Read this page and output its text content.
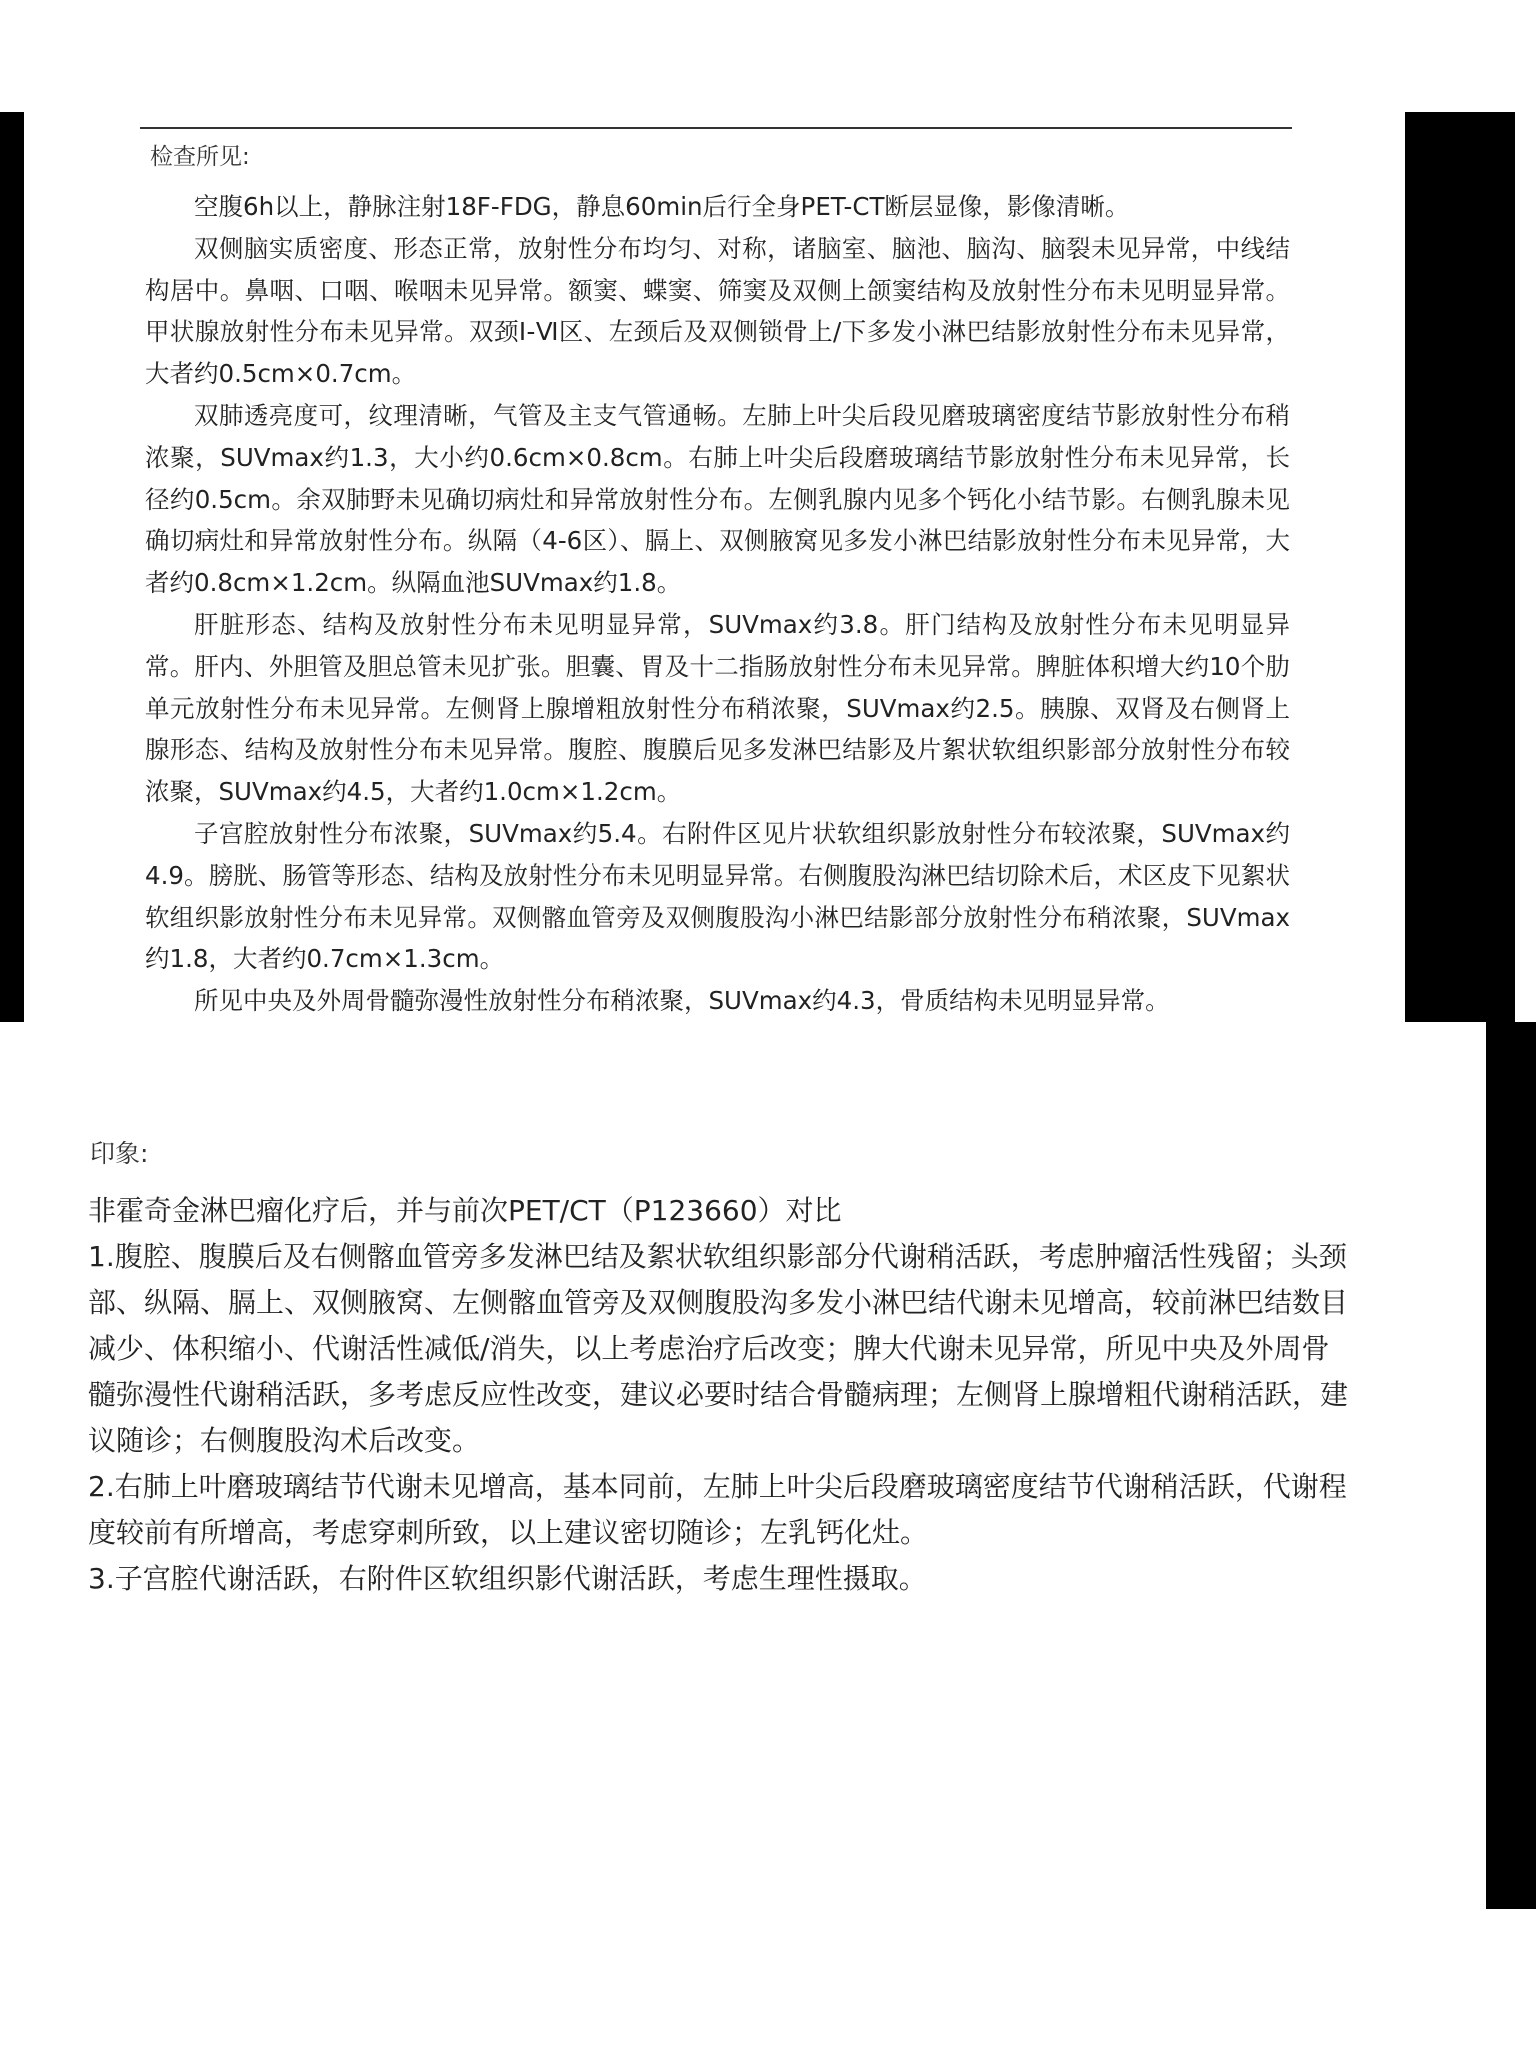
检查所见:

空腹6h以上，静脉注射18F-FDG，静息60min后行全身PET-CT断层显像，影像清晰。

双侧脑实质密度、形态正常，放射性分布均匀、对称，诸脑室、脑池、脑沟、脑裂未见异常，中线结构居中。鼻咽、口咽、喉咽未见异常。额窦、蝶窦、筛窦及双侧上颌窦结构及放射性分布未见明显异常。甲状腺放射性分布未见异常。双颈Ⅰ-Ⅵ区、左颈后及双侧锁骨上/下多发小淋巴结影放射性分布未见异常，大者约0.5cm×0.7cm。

双肺透亮度可，纹理清晰，气管及主支气管通畅。左肺上叶尖后段见磨玻璃密度结节影放射性分布稍浓聚，SUVmax约1.3，大小约0.6cm×0.8cm。右肺上叶尖后段磨玻璃结节影放射性分布未见异常，长径约0.5cm。余双肺野未见确切病灶和异常放射性分布。左侧乳腺内见多个钙化小结节影。右侧乳腺未见确切病灶和异常放射性分布。纵隔（4-6区）、膈上、双侧腋窝见多发小淋巴结影放射性分布未见异常，大者约0.8cm×1.2cm。纵隔血池SUVmax约1.8。

肝脏形态、结构及放射性分布未见明显异常，SUVmax约3.8。肝门结构及放射性分布未见明显异常。肝内、外胆管及胆总管未见扩张。胆囊、胃及十二指肠放射性分布未见异常。脾脏体积增大约10个肋单元放射性分布未见异常。左侧肾上腺增粗放射性分布稍浓聚，SUVmax约2.5。胰腺、双肾及右侧肾上腺形态、结构及放射性分布未见异常。腹腔、腹膜后见多发淋巴结影及片絮状软组织影部分放射性分布较浓聚，SUVmax约4.5，大者约1.0cm×1.2cm。

子宫腔放射性分布浓聚，SUVmax约5.4。右附件区见片状软组织影放射性分布较浓聚，SUVmax约4.9。膀胱、肠管等形态、结构及放射性分布未见明显异常。右侧腹股沟淋巴结切除术后，术区皮下见絮状软组织影放射性分布未见异常。双侧髂血管旁及双侧腹股沟小淋巴结影部分放射性分布稍浓聚，SUVmax约1.8，大者约0.7cm×1.3cm。

所见中央及外周骨髓弥漫性放射性分布稍浓聚，SUVmax约4.3，骨质结构未见明显异常。

印象:

非霍奇金淋巴瘤化疗后，并与前次PET/CT（P123660）对比

1.腹腔、腹膜后及右侧髂血管旁多发淋巴结及絮状软组织影部分代谢稍活跃，考虑肿瘤活性残留；头颈部、纵隔、膈上、双侧腋窝、左侧髂血管旁及双侧腹股沟多发小淋巴结代谢未见增高，较前淋巴结数目减少、体积缩小、代谢活性减低/消失，以上考虑治疗后改变；脾大代谢未见异常，所见中央及外周骨髓弥漫性代谢稍活跃，多考虑反应性改变，建议必要时结合骨髓病理；左侧肾上腺增粗代谢稍活跃，建议随诊；右侧腹股沟术后改变。

2.右肺上叶磨玻璃结节代谢未见增高，基本同前，左肺上叶尖后段磨玻璃密度结节代谢稍活跃，代谢程度较前有所增高，考虑穿刺所致，以上建议密切随诊；左乳钙化灶。

3.子宫腔代谢活跃，右附件区软组织影代谢活跃，考虑生理性摄取。
